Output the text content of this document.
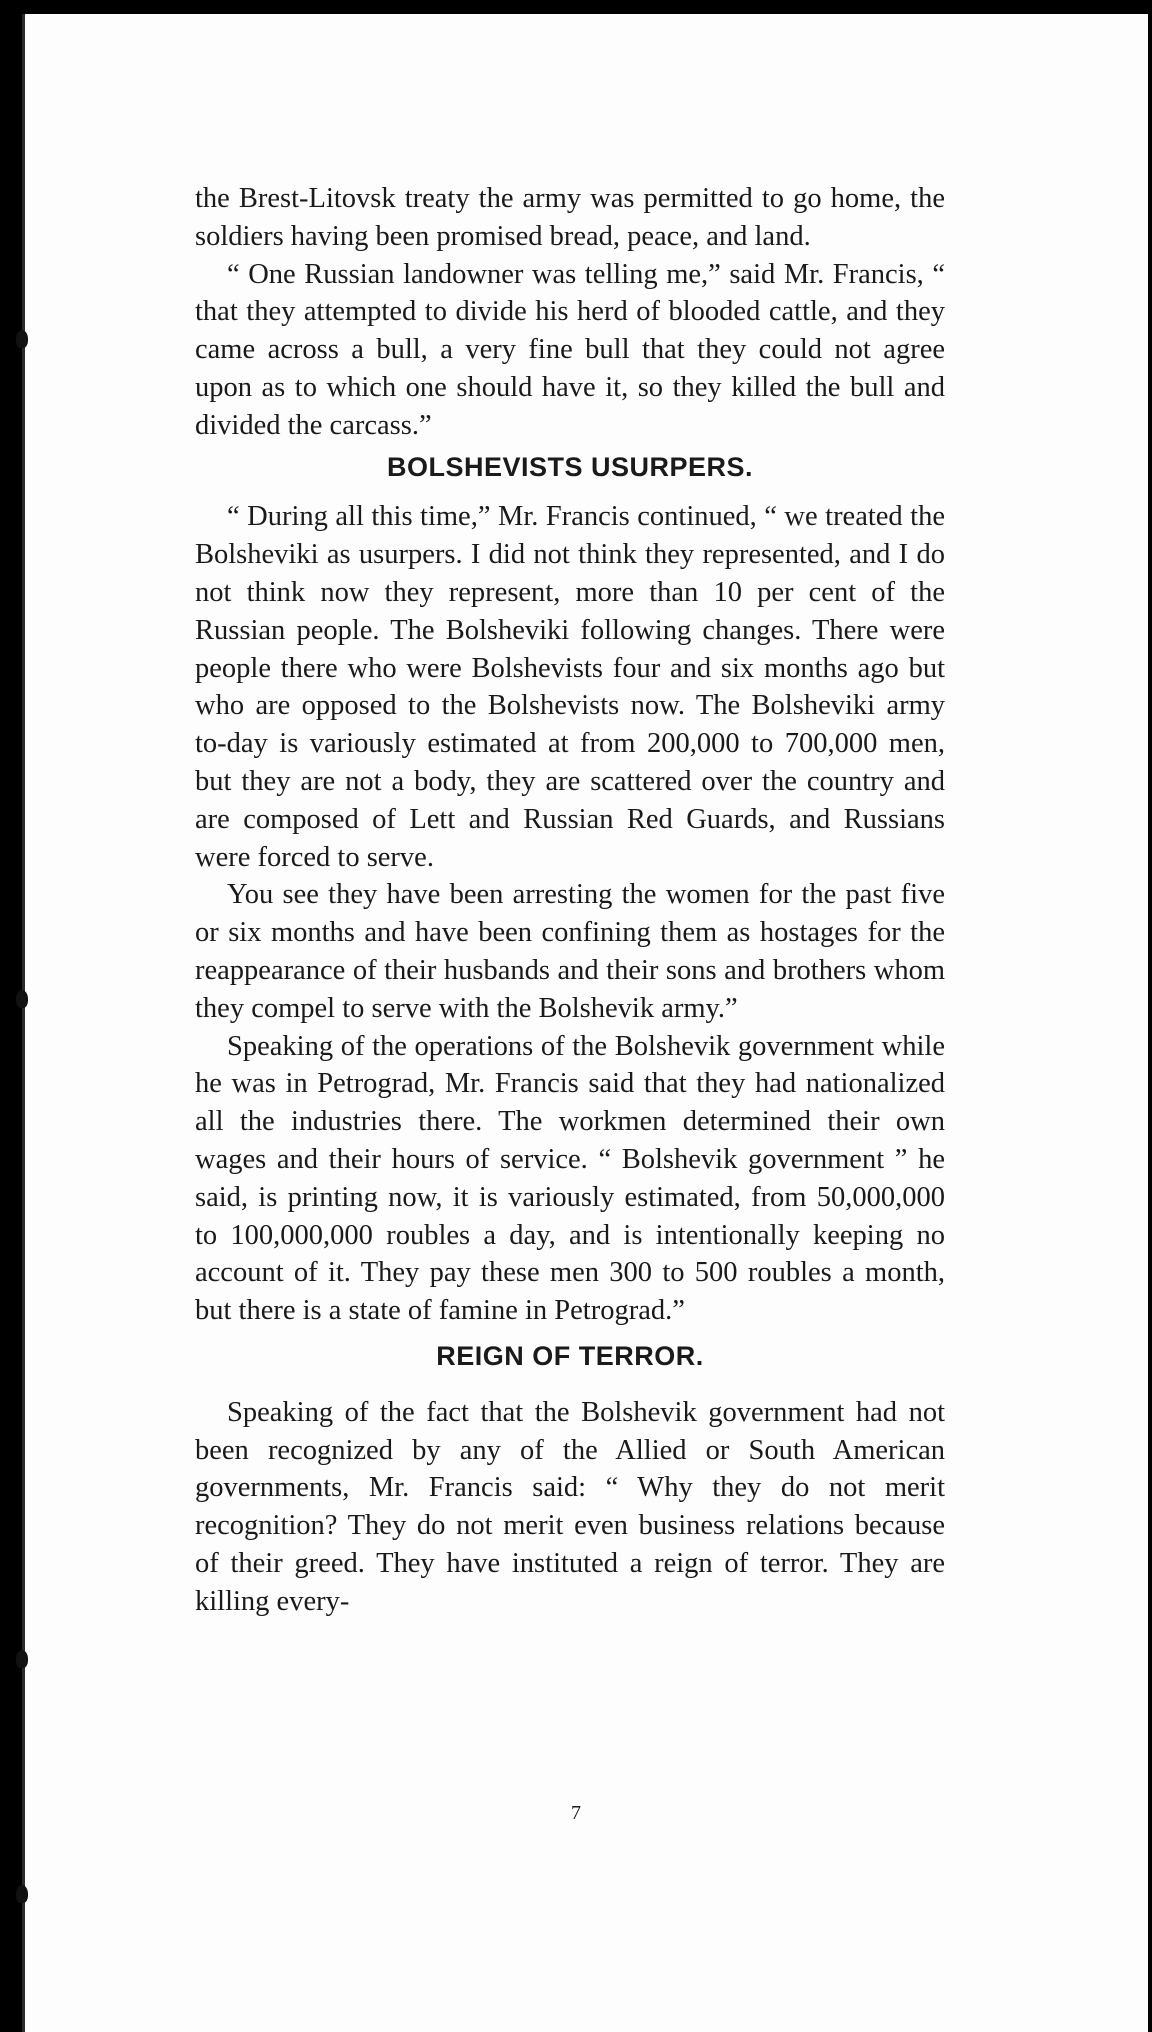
the Brest-Litovsk treaty the army was permitted to go home, the soldiers having been promised bread, peace, and land.

“ One Russian landowner was telling me,” said Mr. Francis, “ that they attempted to divide his herd of blooded cattle, and they came across a bull, a very fine bull that they could not agree upon as to which one should have it, so they killed the bull and divided the carcass.”

BOLSHEVISTS USURPERS.

“ During all this time,” Mr. Francis continued, “ we treated the Bolsheviki as usurpers. I did not think they represented, and I do not think now they represent, more than 10 per cent of the Russian people. The Bolsheviki following changes. There were people there who were Bolshevists four and six months ago but who are opposed to the Bolshevists now. The Bolsheviki army to-day is variously estimated at from 200,000 to 700,000 men, but they are not a body, they are scattered over the country and are composed of Lett and Russian Red Guards, and Russians were forced to serve.

You see they have been arresting the women for the past five or six months and have been confining them as hostages for the reappearance of their husbands and their sons and brothers whom they compel to serve with the Bolshevik army.”

Speaking of the operations of the Bolshevik government while he was in Petrograd, Mr. Francis said that they had nationalized all the industries there. The workmen determined their own wages and their hours of service. “ Bolshevik government ” he said, is printing now, it is variously estimated, from 50,000,000 to 100,000,000 roubles a day, and is intentionally keeping no account of it. They pay these men 300 to 500 roubles a month, but there is a state of famine in Petrograd.”

REIGN OF TERROR.

Speaking of the fact that the Bolshevik government had not been recognized by any of the Allied or South American governments, Mr. Francis said: “ Why they do not merit recognition? They do not merit even business relations because of their greed. They have instituted a reign of terror. They are killing every-

7
